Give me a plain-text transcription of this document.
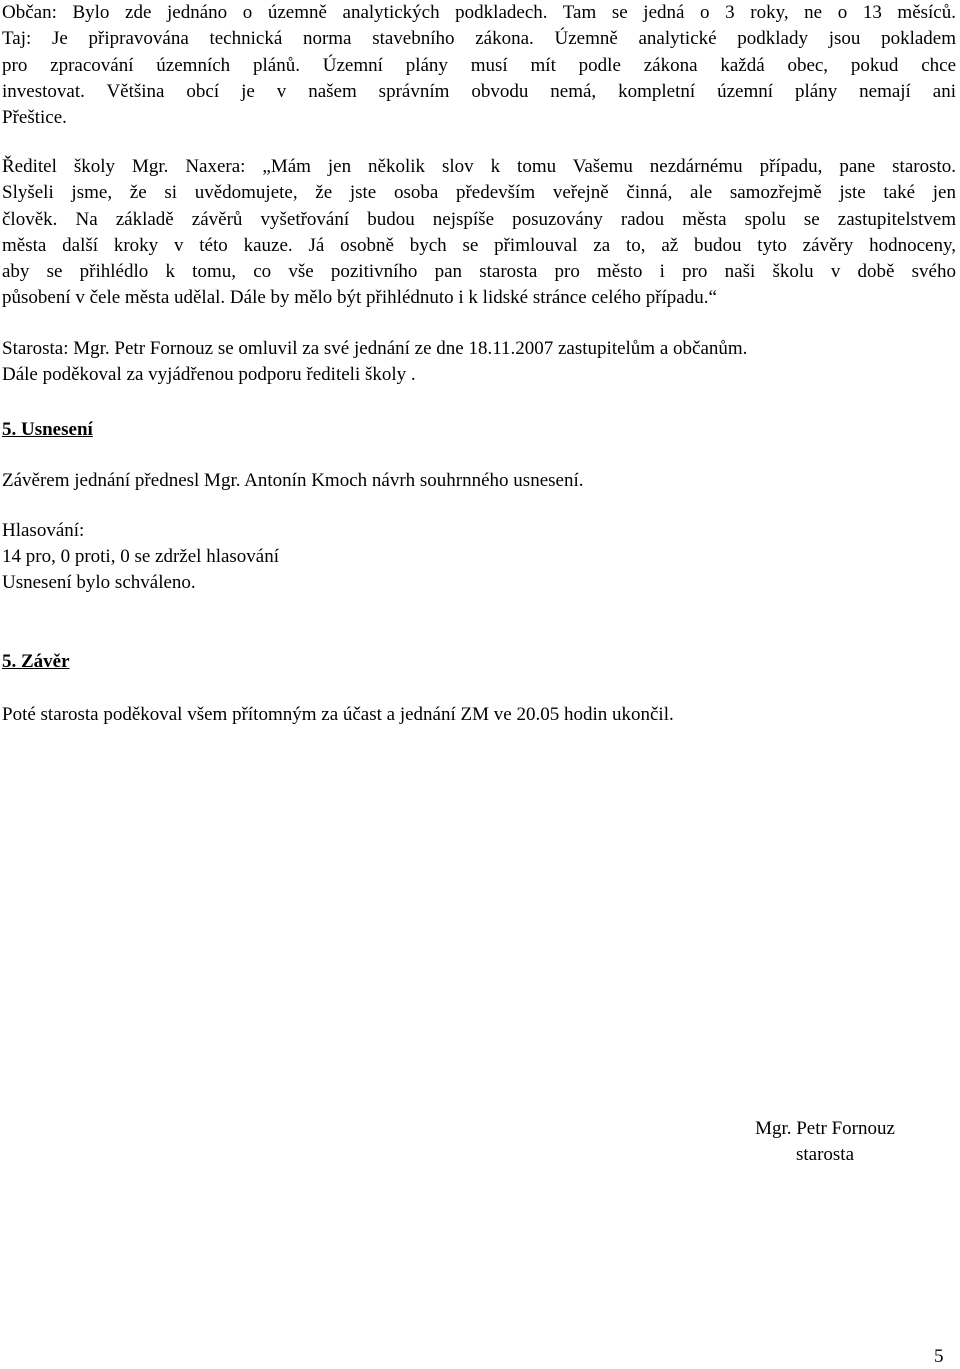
Občan: Bylo zde jednáno o územně analytických podkladech. Tam se jedná o 3 roky, ne o 13 měsíců.
Taj: Je připravována technická norma stavebního zákona. Územně analytické podklady jsou pokladem
pro zpracování územních plánů. Územní plány musí mít podle zákona každá obec, pokud chce
investovat. Většina obcí je v našem správním obvodu nemá, kompletní územní plány nemají ani
Přeštice.
Ředitel školy Mgr. Naxera: „Mám jen několik slov k tomu Vašemu nezdárnému případu, pane starosto.
Slyšeli jsme, že si uvědomujete, že jste osoba především veřejně činná, ale samozřejmě jste také jen
člověk. Na základě závěrů vyšetřování budou nejspíše posuzovány radou města spolu se zastupitelstvem
města další kroky v této kauze. Já osobně bych se přimlouval za to, až budou tyto závěry hodnoceny,
aby se přihlédlo k tomu, co vše pozitivního pan starosta pro město i pro naši školu v době svého
působení v čele města udělal. Dále by mělo být přihlédnuto i k lidské stránce celého případu.“
Starosta: Mgr. Petr Fornouz se omluvil za své jednání ze dne 18.11.2007 zastupitelům a občanům.
Dále poděkoval za vyjádřenou podporu řediteli školy .
5. Usnesení

Závěrem jednání přednesl Mgr. Antonín Kmoch návrh souhrnného usnesení.

Hlasování:

14 pro, 0 proti, 0 se zdržel hlasování

Usnesení bylo schváleno.

5. Závěr

Poté starosta poděkoval všem přítomným za účast a jednání ZM ve 20.05 hodin ukončil.

Mgr. Petr Fornouz
starosta
5
